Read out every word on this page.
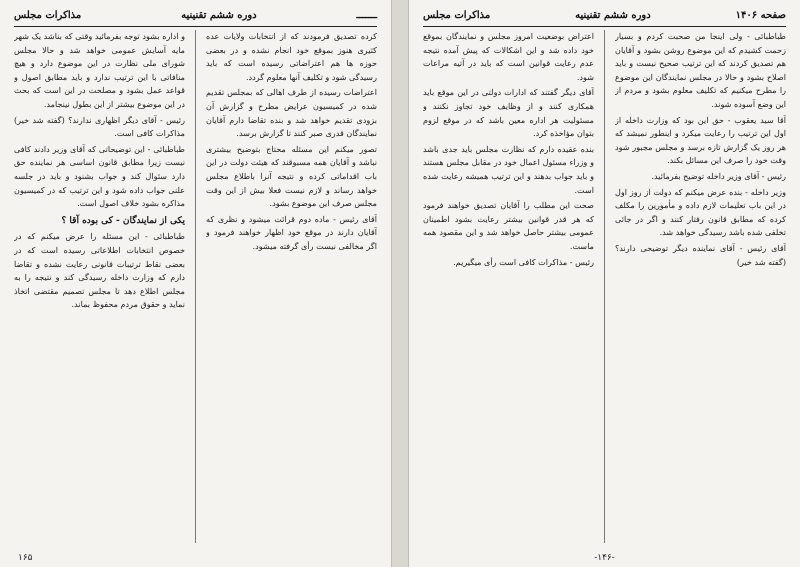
ـــــــ
دوره ششم تقنینیه
مذاکرات مجلس

کرده تصدیق فرمودند که از انتخابات ولایات عده کثیری هنوز بموقع خود انجام نشده و در بعضی حوزه ها هم اعتراضاتی رسیده است که باید رسیدگی شود و تکلیف آنها معلوم گردد.

اعتراضات رسیده از طرف اهالی که بمجلس تقدیم شده در کمیسیون عرایض مطرح و گزارش آن بزودی تقدیم خواهد شد و بنده تقاضا دارم آقایان نمایندگان قدری صبر کنند تا گزارش برسد.

تصور میکنم این مسئله محتاج بتوضیح بیشتری نباشد و آقایان همه مسبوقند که هیئت دولت در این باب اقداماتی کرده و نتیجه آنرا باطلاع مجلس خواهد رساند و لازم نیست فعلا بیش از این وقت مجلس صرف این موضوع بشود.

آقای رئیس - ماده دوم قرائت میشود و نظری که آقایان دارند در موقع خود اظهار خواهند فرمود و اگر مخالفی نیست رأی گرفته میشود.

و اداره بشود توجه بفرمائید وقتی که بناشد یک شهر مایه آسایش عمومی خواهد شد و حالا مجلس شورای ملی نظارت در این موضوع دارد و هیچ منافاتی با این ترتیب ندارد و باید مطابق اصول و قواعد عمل بشود و مصلحت در این است که بحث در این موضوع بیشتر از این بطول نینجامد.

رئیس - آقای دیگر اظهاری ندارند؟ (گفته شد خیر) مذاکرات کافی است.

طباطبائی - این توضیحاتی که آقای وزیر دادند کافی نیست زیرا مطابق قانون اساسی هر نماینده حق دارد سئوال کند و جواب بشنود و باید در جلسه علنی جواب داده شود و این ترتیب که در کمیسیون مذاکره بشود خلاف اصول است.

یکی از نمایندگان - کی بوده آقا ؟

طباطبائی - این مسئله را عرض میکنم که در خصوص انتخابات اطلاعاتی رسیده است که در بعضی نقاط ترتیبات قانونی رعایت نشده و تقاضا دارم که وزارت داخله رسیدگی کند و نتیجه را به مجلس اطلاع دهد تا مجلس تصمیم مقتضی اتخاذ نماید و حقوق مردم محفوظ بماند.

۱۶۵
صفحه ۱۴۰۶
دوره ششم تقنینیه
مذاکرات مجلس

طباطبائی - ولی اینجا من صحبت کردم و بسیار زحمت کشیدم که این موضوع روشن بشود و آقایان هم تصدیق کردند که این ترتیب صحیح نیست و باید اصلاح بشود و حالا در مجلس نمایندگان این موضوع را مطرح میکنیم که تکلیف معلوم بشود و مردم از این وضع آسوده شوند.

آقا سید یعقوب - حق این بود که وزارت داخله از اول این ترتیب را رعایت میکرد و اینطور نمیشد که هر روز یک گزارش تازه برسد و مجلس مجبور شود وقت خود را صرف این مسائل بکند.

رئیس - آقای وزیر داخله توضیح بفرمائید.

وزیر داخله - بنده عرض میکنم که دولت از روز اول در این باب تعلیمات لازم داده و مأمورین را مکلف کرده که مطابق قانون رفتار کنند و اگر در جائی تخلفی شده باشد رسیدگی خواهد شد.

آقای رئیس - آقای نماینده دیگر توضیحی دارند؟ (گفته شد خیر)

اعتراض بوضعیت امروز مجلس و نمایندگان بموقع خود داده شد و این اشکالات که پیش آمده نتیجه عدم رعایت قوانین است که باید در آتیه مراعات شود.

آقای دیگر گفتند که ادارات دولتی در این موقع باید همکاری کنند و از وظایف خود تجاوز نکنند و مسئولیت هر اداره معین باشد که در موقع لزوم بتوان مؤاخذه کرد.

بنده عقیده دارم که نظارت مجلس باید جدی باشد و وزراء مسئول اعمال خود در مقابل مجلس هستند و باید جواب بدهند و این ترتیب همیشه رعایت شده است.

صحت این مطلب را آقایان تصدیق خواهند فرمود که هر قدر قوانین بیشتر رعایت بشود اطمینان عمومی بیشتر حاصل خواهد شد و این مقصود همه ماست.

رئیس - مذاکرات کافی است رأی میگیریم.

-۱۴۶-
